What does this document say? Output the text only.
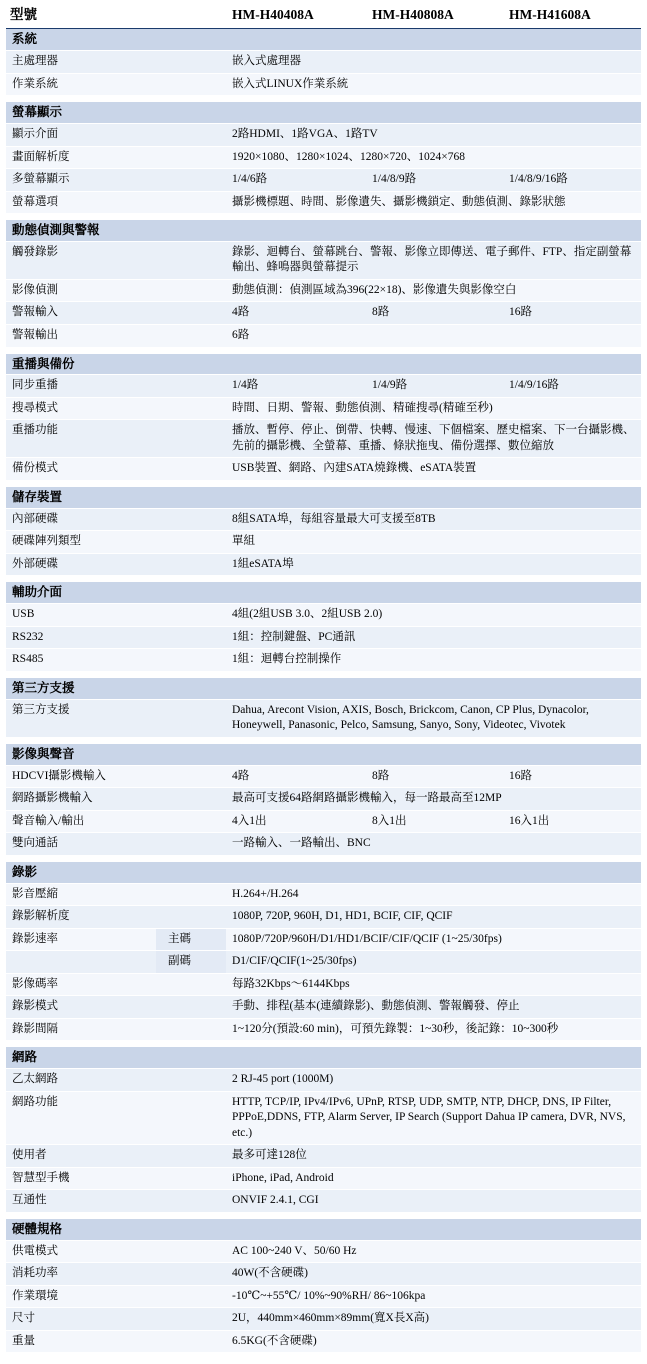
型號		HM-H40408A	HM-H40808A	HM-H41608A
系統				
主處理器		嵌入式處理器		
作業系統		嵌入式LINUX作業系統		

螢幕顯示				
顯示介面		2路HDMI、1路VGA、1路TV		
畫面解析度		1920×1080、1280×1024、1280×720、1024×768		
多螢幕顯示		1/4/6路	1/4/8/9路	1/4/8/9/16路
螢幕選項		攝影機標題、時間、影像遺失、攝影機鎖定、動態偵測、錄影狀態		

動態偵測與警報				
觸發錄影		錄影、迴轉台、螢幕跳台、警報、影像立即傳送、電子郵件、FTP、指定副螢幕輸出、蜂鳴器與螢幕提示		
影像偵測		動態偵測：偵測區域為396(22×18)、影像遺失與影像空白		
警報輸入		4路	8路	16路
警報輸出		6路		

重播與備份				
同步重播		1/4路	1/4/9路	1/4/9/16路
搜尋模式		時間、日期、警報、動態偵測、精確搜尋(精確至秒)		
重播功能		播放、暫停、停止、倒帶、快轉、慢速、下個檔案、歷史檔案、下一台攝影機、先前的攝影機、全螢幕、重播、條狀拖曳、備份選擇、數位縮放		
備份模式		USB裝置、網路、內建SATA燒錄機、eSATA裝置		

儲存裝置				
內部硬碟		8組SATA埠，每組容量最大可支援至8TB		
硬碟陣列類型		單組		
外部硬碟		1組eSATA埠		

輔助介面				
USB		4組(2組USB 3.0、2組USB 2.0)		
RS232		1組：控制鍵盤、PC通訊		
RS485		1組：迴轉台控制操作		

第三方支援				
第三方支援		Dahua, Arecont Vision, AXIS, Bosch, Brickcom, Canon, CP Plus, Dynacolor, Honeywell, Panasonic, Pelco, Samsung, Sanyo, Sony, Videotec, Vivotek		

影像與聲音				
HDCVI攝影機輸入		4路	8路	16路
網路攝影機輸入		最高可支援64路網路攝影機輸入，每一路最高至12MP		
聲音輸入/輸出		4入1出	8入1出	16入1出
雙向通話		一路輸入、一路輸出、BNC		

錄影				
影音壓縮		H.264+/H.264		
錄影解析度		1080P, 720P, 960H, D1, HD1, BCIF, CIF, QCIF		
錄影速率	主碼	1080P/720P/960H/D1/HD1/BCIF/CIF/QCIF (1~25/30fps)		
	副碼	D1/CIF/QCIF(1~25/30fps)		
影像碼率		每路32Kbps～6144Kbps		
錄影模式		手動、排程(基本(連續錄影)、動態偵測、警報觸發、停止		
錄影間隔		1~120分(預設:60 min)，可預先錄製：1~30秒，後記錄：10~300秒		

網路				
乙太網路		2 RJ-45 port (1000M)		
網路功能		HTTP, TCP/IP, IPv4/IPv6, UPnP, RTSP, UDP, SMTP, NTP, DHCP, DNS, IP Filter, PPPoE,DDNS, FTP, Alarm Server, IP Search (Support Dahua IP camera, DVR, NVS, etc.)		
使用者		最多可達128位		
智慧型手機		iPhone, iPad, Android		
互通性		ONVIF 2.4.1, CGI		

硬體規格				
供電模式		AC 100~240 V、50/60 Hz		
消耗功率		40W(不含硬碟)		
作業環境		-10℃~+55℃/ 10%~90%RH/ 86~106kpa		
尺寸		2U，440mm×460mm×89mm(寬X長X高)		
重量		6.5KG(不含硬碟)		
